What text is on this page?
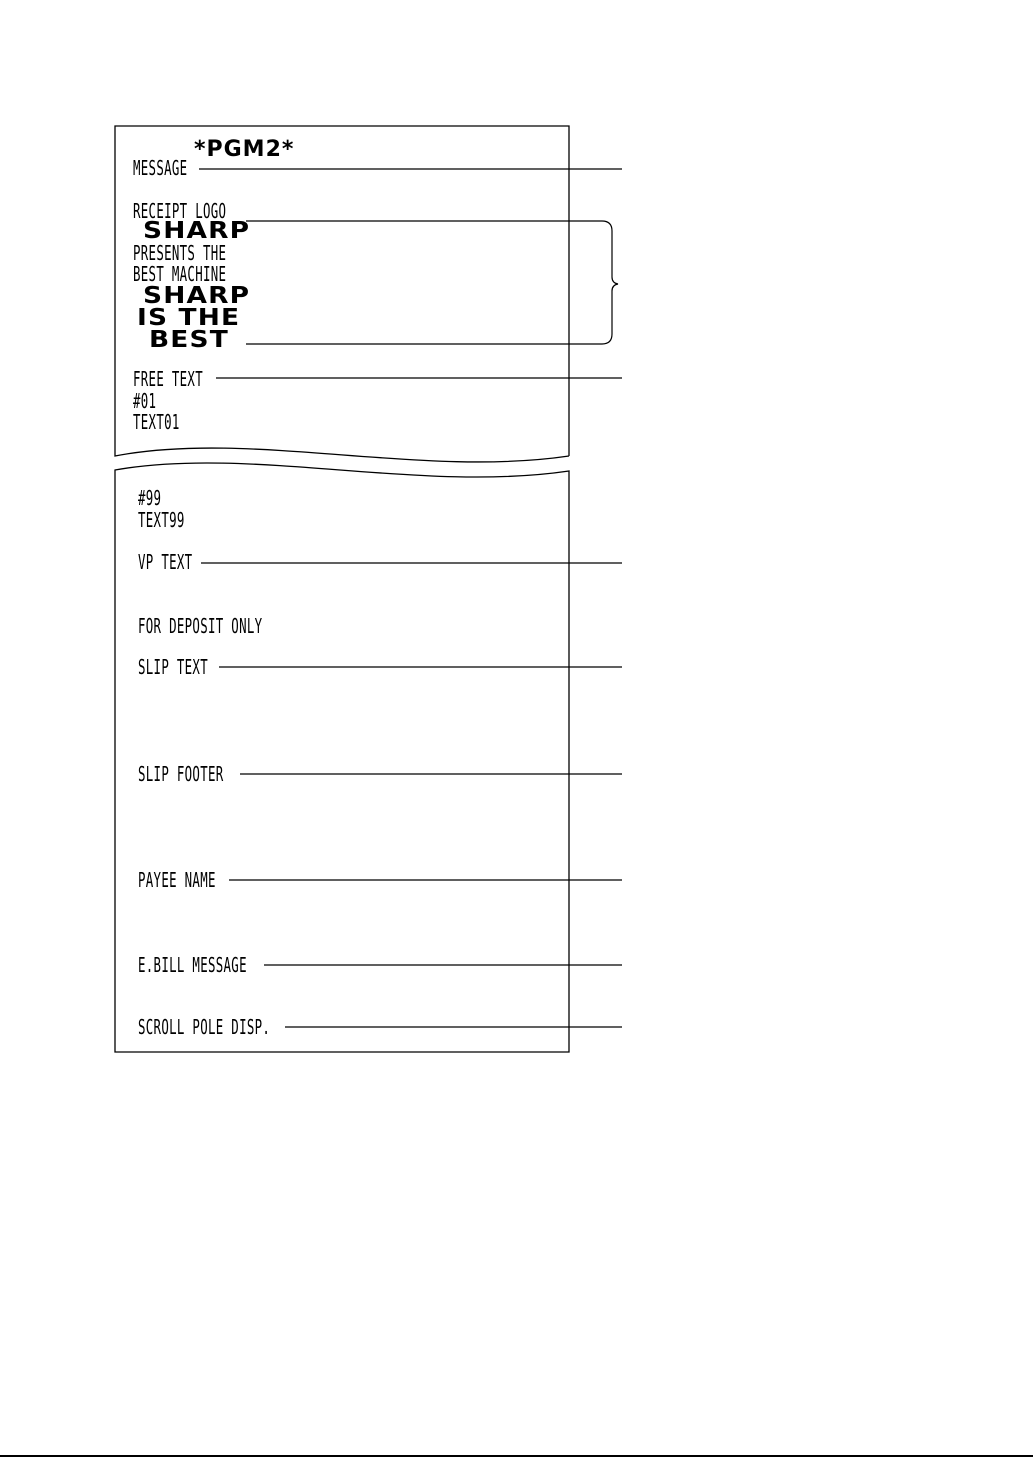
*PGM2*
MESSAGE
RECEIPT LOGO
SHARP
PRESENTS THE
BEST MACHINE
SHARP
IS THE
BEST
FREE TEXT
#01
TEXT01
#99
TEXT99
VP TEXT
FOR DEPOSIT ONLY
SLIP TEXT
SLIP FOOTER
PAYEE NAME
E.BILL MESSAGE
SCROLL POLE DISP.
